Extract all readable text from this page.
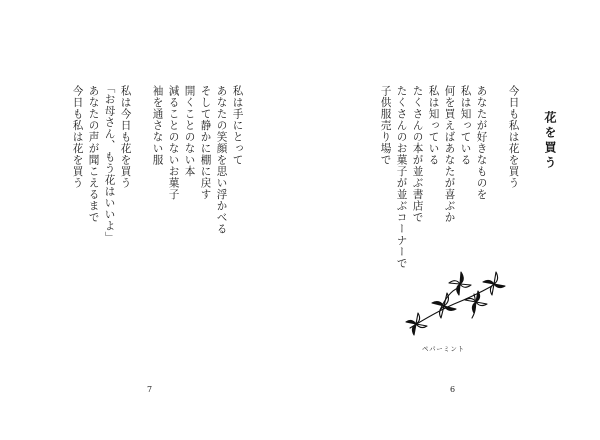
花を買う
今日も私は花を買う
あなたが好きなものを
私は知っている
何を買えばあなたが喜ぶか
私は知っている
たくさんの本が並ぶ書店で
たくさんのお菓子が並ぶコーナーで
子供服売り場で
ペパーミント
6
私は手にとって
あなたの笑顔を思い浮かべる
そして静かに棚に戻す
開くことのない本
減ることのないお菓子
袖を通さない服
私は今日も花を買う
「お母さん、もう花はいいよ」
あなたの声が聞こえるまで
今日も私は花を買う
7
